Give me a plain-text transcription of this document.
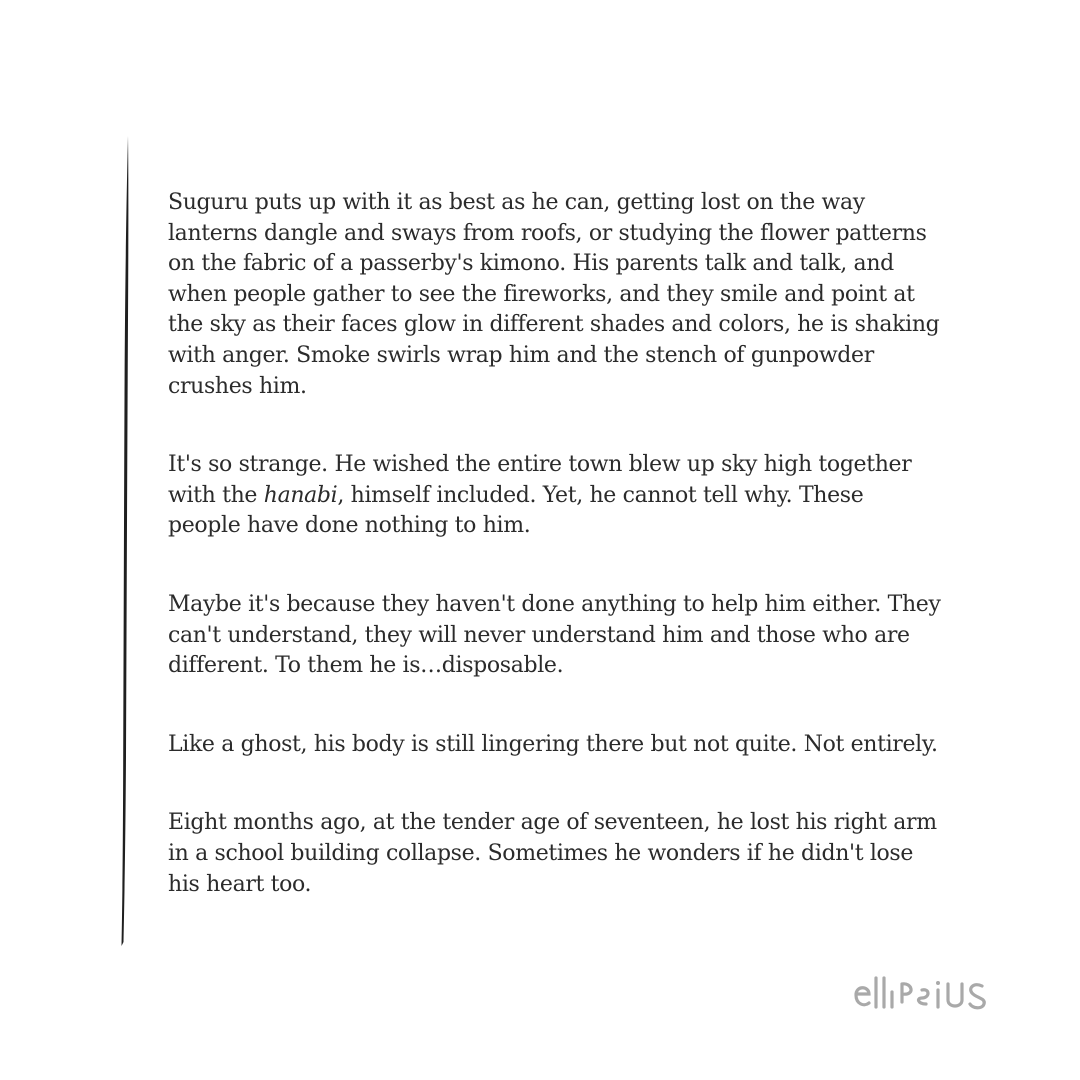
Suguru puts up with it as best as he can, getting lost on the way
lanterns dangle and sways from roofs, or studying the flower patterns
on the fabric of a passerby's kimono. His parents talk and talk, and
when people gather to see the fireworks, and they smile and point at
the sky as their faces glow in different shades and colors, he is shaking
with anger. Smoke swirls wrap him and the stench of gunpowder
crushes him.

It's so strange. He wished the entire town blew up sky high together
with the hanabi, himself included. Yet, he cannot tell why. These
people have done nothing to him.

Maybe it's because they haven't done anything to help him either. They
can't understand, they will never understand him and those who are
different. To them he is…disposable.

Like a ghost, his body is still lingering there but not quite. Not entirely.

Eight months ago, at the tender age of seventeen, he lost his right arm
in a school building collapse. Sometimes he wonders if he didn't lose
his heart too.
